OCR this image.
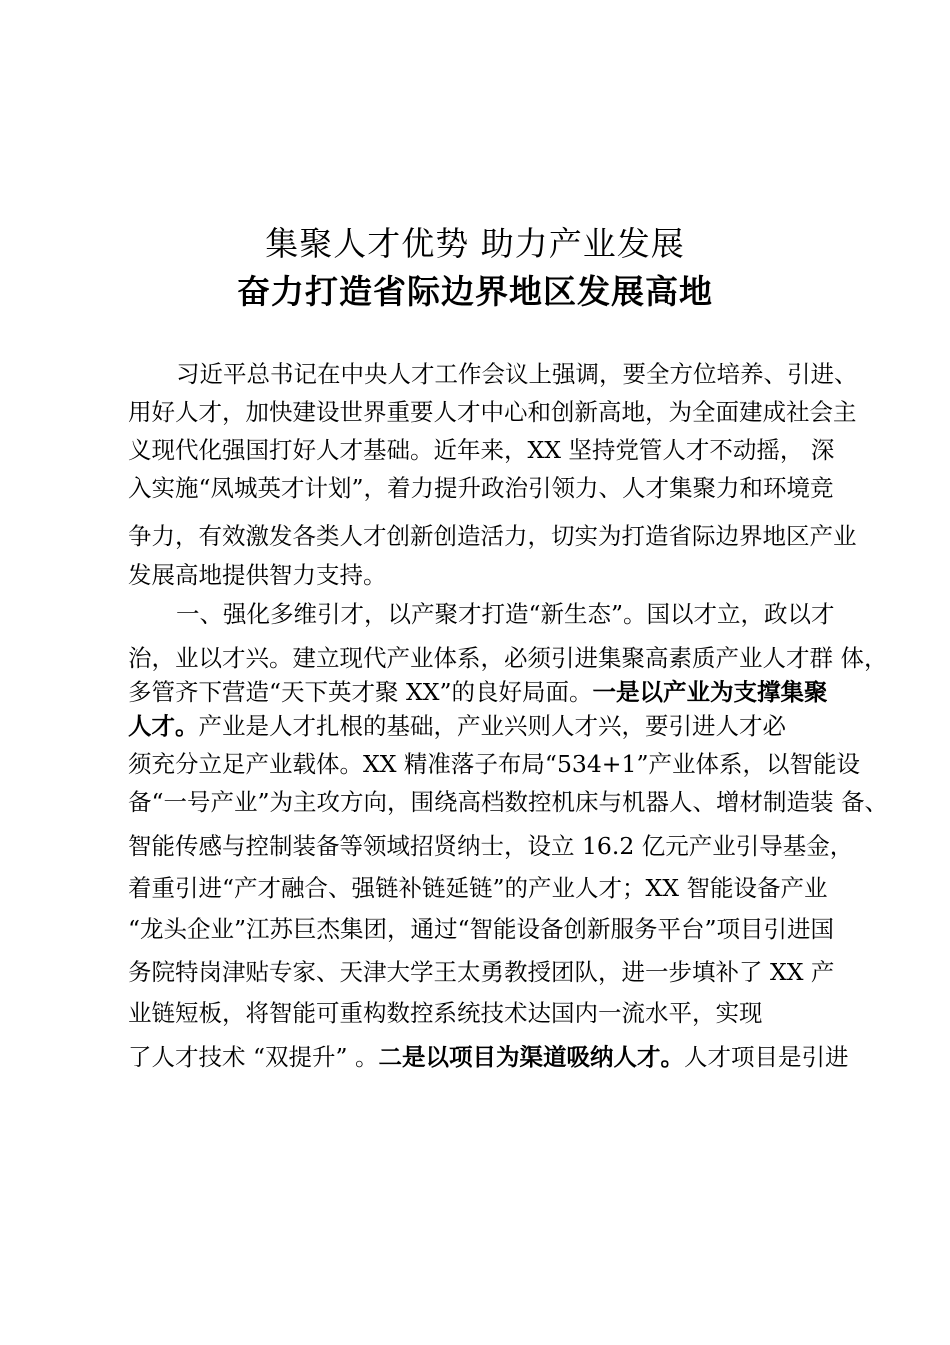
集聚人才优势 助力产业发展
奋力打造省际边界地区发展高地
习近平总书记在中央人才工作会议上强调，要全方位培养、引进、
用好人才，加快建设世界重要人才中心和创新高地，为全面建成社会主
义现代化强国打好人才基础。近年来，XX 坚持党管人才不动摇， 深
入实施“凤城英才计划”，着力提升政治引领力、人才集聚力和环境竞
争力，有效激发各类人才创新创造活力，切实为打造省际边界地区产业
发展高地提供智力支持。
一、强化多维引才，以产聚才打造“新生态”。国以才立，政以才
治，业以才兴。建立现代产业体系，必须引进集聚高素质产业人才群 体，
多管齐下营造“天下英才聚 XX”的良好局面。一是以产业为支撑集聚
人才。产业是人才扎根的基础，产业兴则人才兴，要引进人才必
须充分立足产业载体。XX 精准落子布局“534+1”产业体系，以智能设
备“一号产业”为主攻方向，围绕高档数控机床与机器人、增材制造装 备、
智能传感与控制装备等领域招贤纳士，设立 16.2 亿元产业引导基金，
着重引进“产才融合、强链补链延链”的产业人才；XX 智能设备产业
“龙头企业”江苏巨杰集团，通过“智能设备创新服务平台”项目引进国
务院特岗津贴专家、天津大学王太勇教授团队，进一步填补了 XX 产
业链短板，将智能可重构数控系统技术达国内一流水平，实现
了人才技术 “双提升” 。二是以项目为渠道吸纳人才。人才项目是引进
